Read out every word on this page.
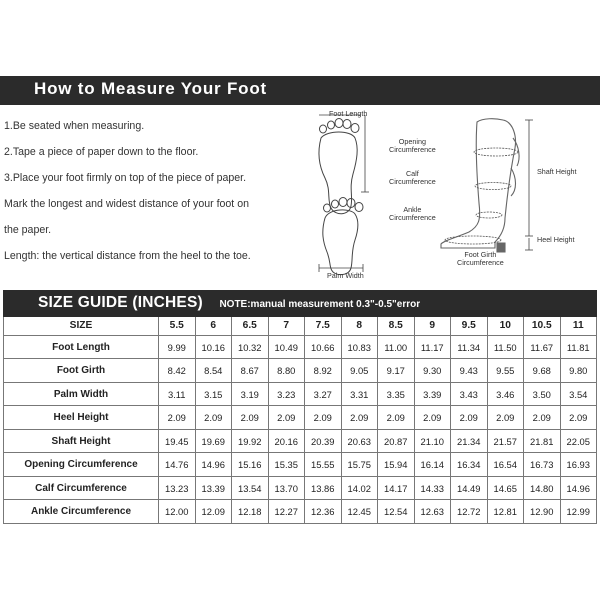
How to Measure Your Foot
1.Be seated when measuring.
2.Tape a piece of paper down to the floor.
3.Place your foot firmly on top of the piece of paper.
Mark the longest and widest distance of your foot on
the paper.
Length: the vertical distance from the heel to the toe.
Foot Length
Palm Width
Opening
Circumference
Calf
Circumference
Ankle
Circumference
Foot Girth
Circumference
Shaft Height
Heel Height
SIZE GUIDE (INCHES) NOTE:manual measurement 0.3"-0.5"error												
SIZE	5.5	6	6.5	7	7.5	8	8.5	9	9.5	10	10.5	11
Foot Length	9.99	10.16	10.32	10.49	10.66	10.83	11.00	11.17	11.34	11.50	11.67	11.81
Foot Girth	8.42	8.54	8.67	8.80	8.92	9.05	9.17	9.30	9.43	9.55	9.68	9.80
Palm Width	3.11	3.15	3.19	3.23	3.27	3.31	3.35	3.39	3.43	3.46	3.50	3.54
Heel Height	2.09	2.09	2.09	2.09	2.09	2.09	2.09	2.09	2.09	2.09	2.09	2.09
Shaft Height	19.45	19.69	19.92	20.16	20.39	20.63	20.87	21.10	21.34	21.57	21.81	22.05
Opening Circumference	14.76	14.96	15.16	15.35	15.55	15.75	15.94	16.14	16.34	16.54	16.73	16.93
Calf Circumference	13.23	13.39	13.54	13.70	13.86	14.02	14.17	14.33	14.49	14.65	14.80	14.96
Ankle Circumference	12.00	12.09	12.18	12.27	12.36	12.45	12.54	12.63	12.72	12.81	12.90	12.99
